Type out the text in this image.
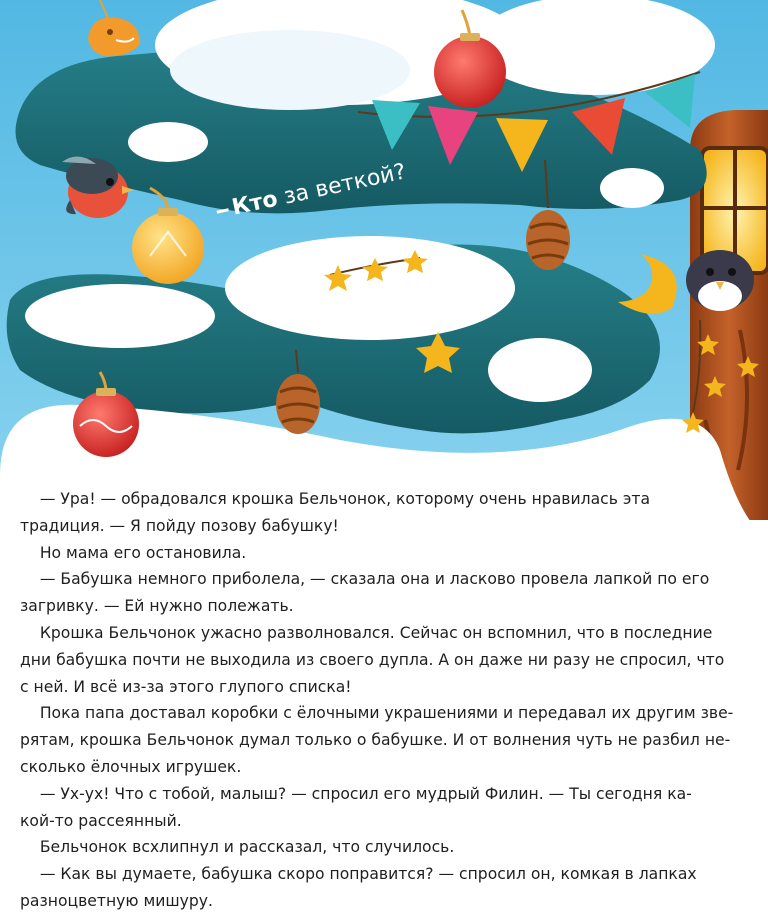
Кто за веткой?

— Ура! — обрадовался крошка Бельчонок, которому очень нравилась эта

традиция. — Я пойду позову бабушку!

Но мама его остановила.

— Бабушка немного приболела, — сказала она и ласково провела лапкой по его

загривку. — Ей нужно полежать.

Крошка Бельчонок ужасно разволновался. Сейчас он вспомнил, что в последние

дни бабушка почти не выходила из своего дупла. А он даже ни разу не спросил, что

с ней. И всё из-за этого глупого списка!

Пока папа доставал коробки с ёлочными украшениями и передавал их другим зве-

рятам, крошка Бельчонок думал только о бабушке. И от волнения чуть не разбил не-

сколько ёлочных игрушек.

— Ух-ух! Что с тобой, малыш? — спросил его мудрый Филин. — Ты сегодня ка-

кой-то рассеянный.

Бельчонок всхлипнул и рассказал, что случилось.

— Как вы думаете, бабушка скоро поправится? — спросил он, комкая в лапках

разноцветную мишуру.
